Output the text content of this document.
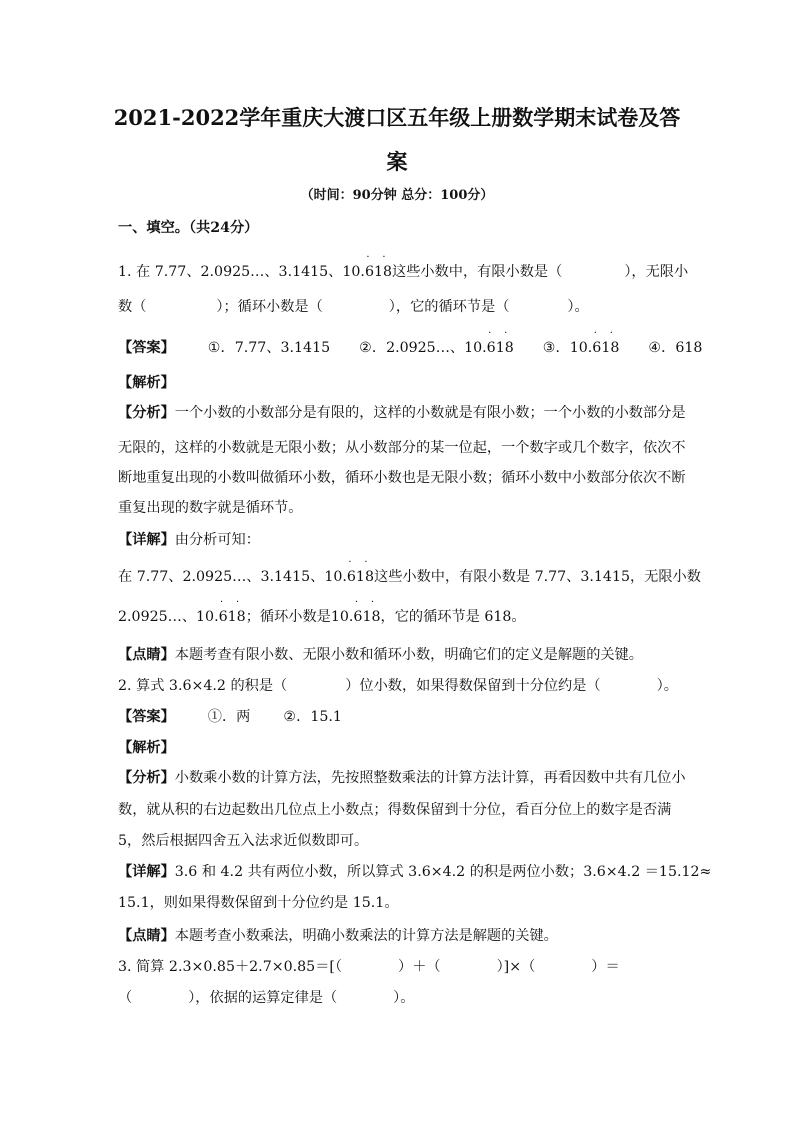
2021-2022学年重庆大渡口区五年级上册数学期末试卷及答
案
（时间：90分钟 总分：100分）
一、填空。（共24分）
1. 在 7.77、2.0925…、3.1415、10.618
· ·
这些小数中，有限小数是（	），无限小
数（	）；循环小数是（	），它的循环节是（	）。
【答案】 ①．7.77、3.1415 ②．2.0925…、10.618
· ·
③．10.618
· ·
④．618
【解析】
【分析】一个小数的小数部分是有限的，这样的小数就是有限小数；一个小数的小数部分是
无限的，这样的小数就是无限小数；从小数部分的某一位起，一个数字或几个数字，依次不
断地重复出现的小数叫做循环小数，循环小数也是无限小数；循环小数中小数部分依次不断
重复出现的数字就是循环节。
【详解】由分析可知：
在 7.77、2.0925…、3.1415、10.618
· ·
这些小数中，有限小数是 7.77、3.1415，无限小数
2.0925…、10.618
· ·
；循环小数是10.618
· ·
，它的循环节是 618。
【点睛】本题考查有限小数、无限小数和循环小数，明确它们的定义是解题的关键。
2. 算式 3.6×4.2 的积是（	）位小数，如果得数保留到十分位约是（	）。
【答案】 ①．两 ②．15.1
【解析】
【分析】小数乘小数的计算方法，先按照整数乘法的计算方法计算，再看因数中共有几位小
数，就从积的右边起数出几位点上小数点；得数保留到十分位，看百分位上的数字是否满
5，然后根据四舍五入法求近似数即可。
【详解】3.6 和 4.2 共有两位小数，所以算式 3.6×4.2 的积是两位小数；3.6×4.2 ＝15.12≈
15.1，则如果得数保留到十分位约是 15.1。
【点睛】本题考查小数乘法，明确小数乘法的计算方法是解题的关键。
3. 简算 2.3×0.85＋2.7×0.85＝[（	）＋（	）]×（	）＝
（	），依据的运算定律是（	）。
